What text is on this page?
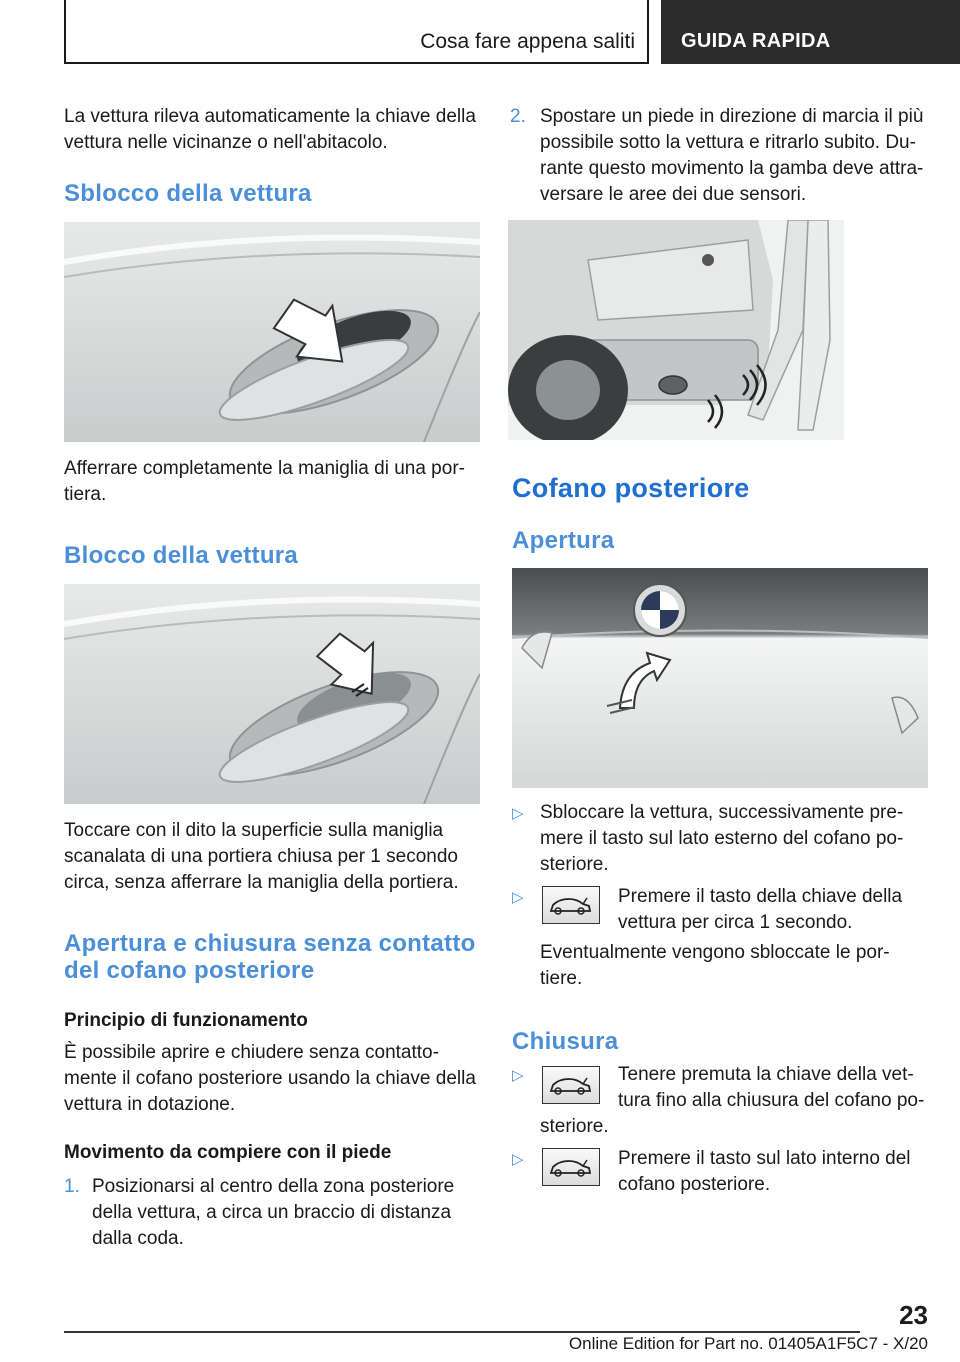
Cosa fare appena saliti GUIDA RAPIDA

La vettura rileva automaticamente la chiave della

vettura nelle vicinanze o nell'abitacolo.

Sblocco della vettura

Afferrare completamente la maniglia di una por-

tiera.

Blocco della vettura

Toccare con il dito la superficie sulla maniglia

scanalata di una portiera chiusa per 1 secondo

circa, senza afferrare la maniglia della portiera.

Apertura e chiusura senza contatto
del cofano posteriore
Principio di funzionamento

È possibile aprire e chiudere senza contatto-

mente il cofano posteriore usando la chiave della

vettura in dotazione.

Movimento da compiere con il piede
1. Posizionarsi al centro della zona posteriore

della vettura, a circa un braccio di distanza

dalla coda.

2. Spostare un piede in direzione di marcia il più

possibile sotto la vettura e ritrarlo subito. Du-

rante questo movimento la gamba deve attra-

versare le aree dei due sensori.

Cofano posteriore
Apertura
▷ Sbloccare la vettura, successivamente pre-

mere il tasto sul lato esterno del cofano po-

steriore.

▷	Premere il tasto della chiave della

vettura per circa 1 secondo.

Eventualmente vengono sbloccate le por-

tiere.

Chiusura
▷	Tenere premuta la chiave della vet-

tura fino alla chiusura del cofano po-

steriore.

▷	Premere il tasto sul lato interno del

cofano posteriore.

23
Online Edition for Part no. 01405A1F5C7 - X/20
